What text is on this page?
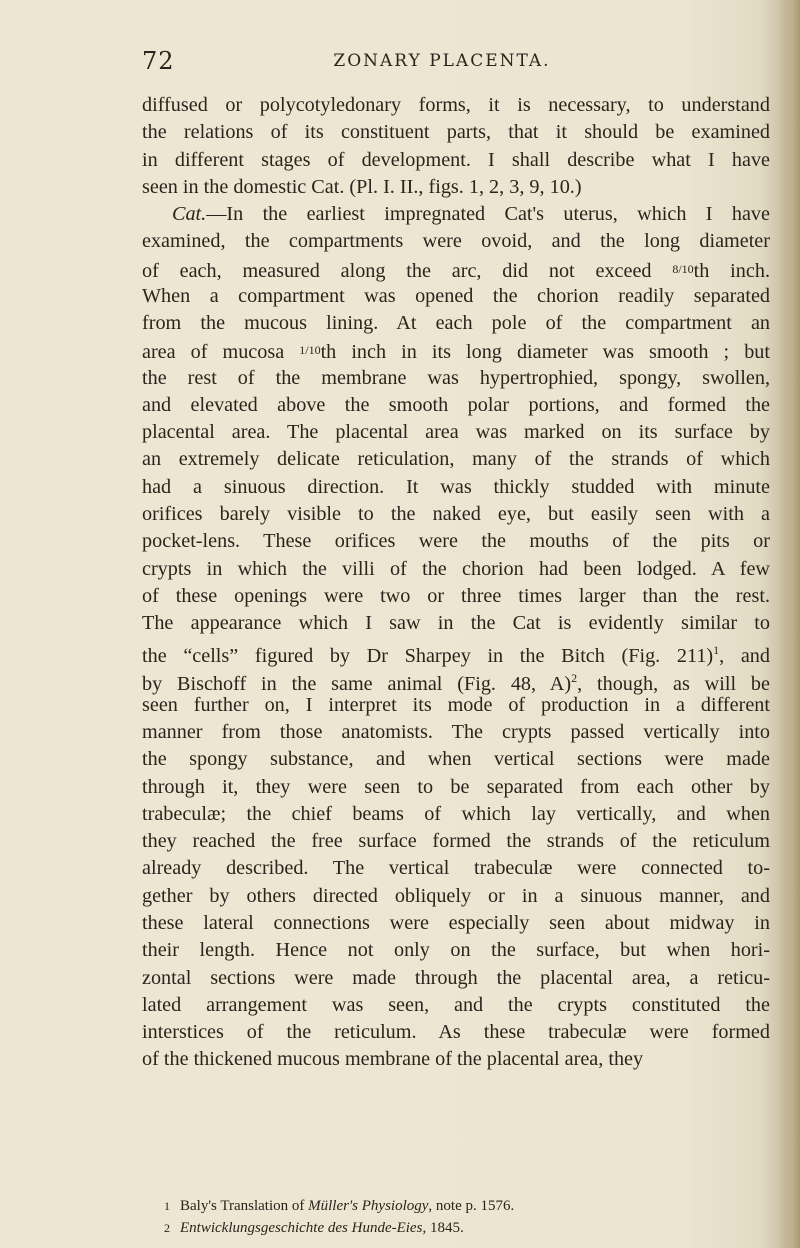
72	ZONARY PLACENTA.
diffused or polycotyledonary forms, it is necessary, to understand
the relations of its constituent parts, that it should be examined
in different stages of development. I shall describe what I have
seen in the domestic Cat. (Pl. I. II., figs. 1, 2, 3, 9, 10.)
Cat.—In the earliest impregnated Cat's uterus, which I have
examined, the compartments were ovoid, and the long diameter
of each, measured along the arc, did not exceed 8/10th inch.
When a compartment was opened the chorion readily separated
from the mucous lining. At each pole of the compartment an
area of mucosa 1/10th inch in its long diameter was smooth ; but
the rest of the membrane was hypertrophied, spongy, swollen,
and elevated above the smooth polar portions, and formed the
placental area. The placental area was marked on its surface by
an extremely delicate reticulation, many of the strands of which
had a sinuous direction. It was thickly studded with minute
orifices barely visible to the naked eye, but easily seen with a
pocket-lens. These orifices were the mouths of the pits or
crypts in which the villi of the chorion had been lodged. A few
of these openings were two or three times larger than the rest.
The appearance which I saw in the Cat is evidently similar to
the “cells” figured by Dr Sharpey in the Bitch (Fig. 211)$^1$, and
by Bischoff in the same animal (Fig. 48, A)$^2$, though, as will be
seen further on, I interpret its mode of production in a different
manner from those anatomists. The crypts passed vertically into
the spongy substance, and when vertical sections were made
through it, they were seen to be separated from each other by
trabeculæ; the chief beams of which lay vertically, and when
they reached the free surface formed the strands of the reticulum
already described. The vertical trabeculæ were connected to-
gether by others directed obliquely or in a sinuous manner, and
these lateral connections were especially seen about midway in
their length. Hence not only on the surface, but when hori-
zontal sections were made through the placental area, a reticu-
lated arrangement was seen, and the crypts constituted the
interstices of the reticulum. As these trabeculæ were formed
of the thickened mucous membrane of the placental area, they
1 Baly's Translation of Müller's Physiology, note p. 1576.
2 Entwicklungsgeschichte des Hunde-Eies, 1845.
